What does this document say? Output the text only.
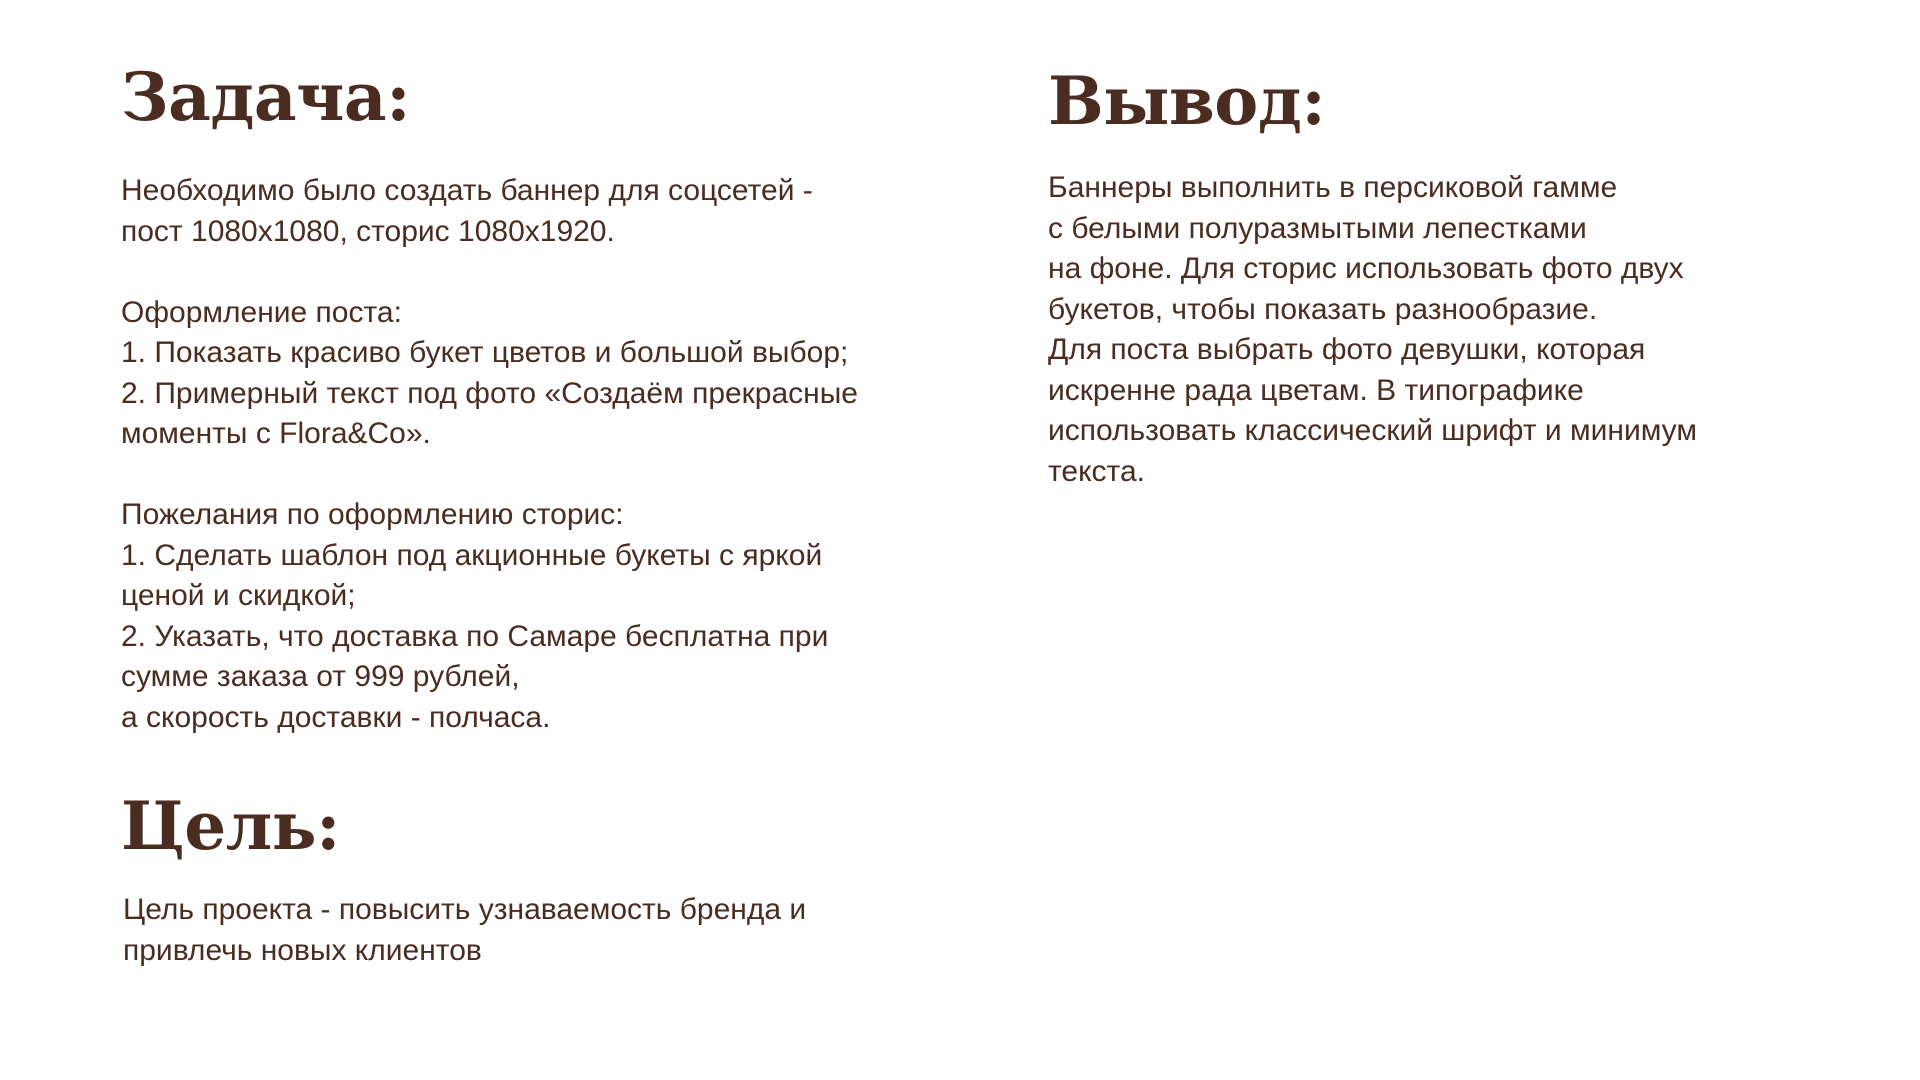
Задача:
Необходимо было создать баннер для соцсетей -
пост 1080х1080, сторис 1080х1920.
Оформление поста:
1. Показать красиво букет цветов и большой выбор;
2. Примерный текст под фото «Создаём прекрасные
моменты с Flora&Co».
Пожелания по оформлению сторис:
1. Сделать шаблон под акционные букеты с яркой
ценой и скидкой;
2. Указать, что доставка по Самаре бесплатна при
сумме заказа от 999 рублей,
а скорость доставки - полчаса.
Цель:
Цель проекта - повысить узнаваемость бренда и
привлечь новых клиентов
Вывод:
Баннеры выполнить в персиковой гамме
с белыми полуразмытыми лепестками
на фоне. Для сторис использовать фото двух
букетов, чтобы показать разнообразие.
Для поста выбрать фото девушки, которая
искренне рада цветам. В типографике
использовать классический шрифт и минимум
текста.
